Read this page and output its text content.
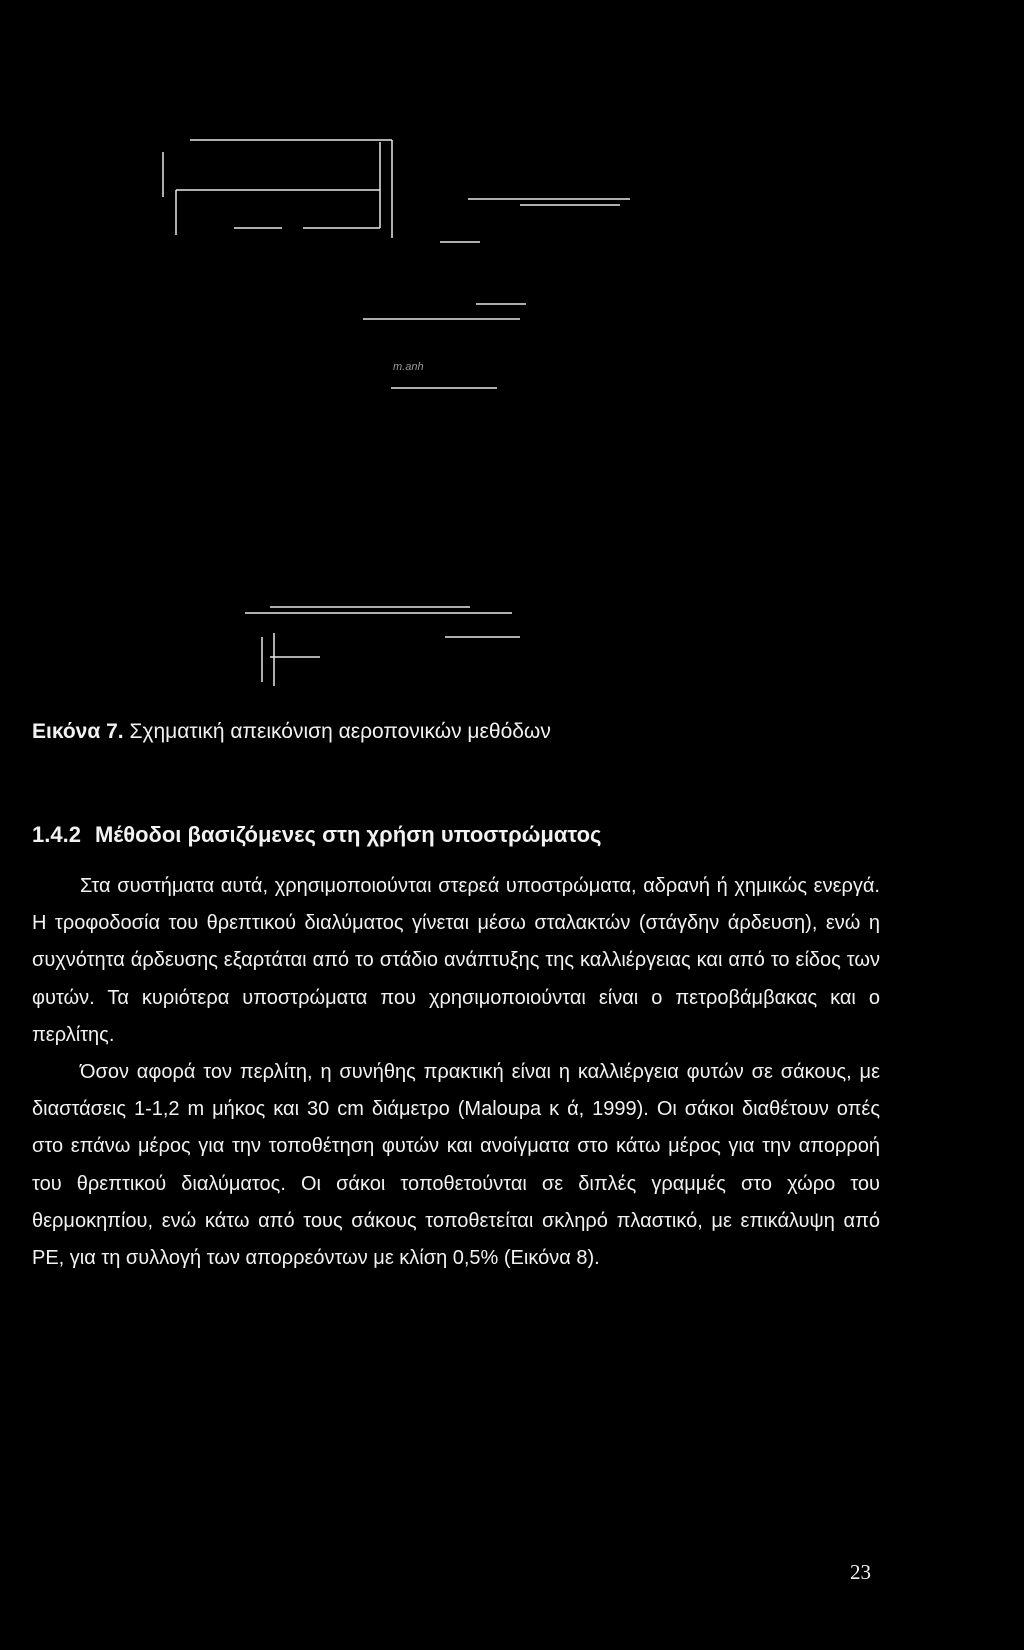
m.anh
Εικόνα 7. Σχηματική απεικόνιση αεροπονικών μεθόδων
1.4.2 Μέθοδοι βασιζόμενες στη χρήση υποστρώματος

Στα συστήματα αυτά, χρησιμοποιούνται στερεά υποστρώματα, αδρανή ή χημικώς ενεργά. Η τροφοδοσία του θρεπτικού διαλύματος γίνεται μέσω σταλακτών (στάγδην άρδευση), ενώ η συχνότητα άρδευσης εξαρτάται από το στάδιο ανάπτυξης της καλλιέργειας και από το είδος των φυτών. Τα κυριότερα υποστρώματα που χρησιμοποιούνται είναι ο πετροβάμβακας και ο περλίτης.

Όσον αφορά τον περλίτη, η συνήθης πρακτική είναι η καλλιέργεια φυτών σε σάκους, με διαστάσεις 1-1,2 m μήκος και 30 cm διάμετρο (Maloupa κ ά, 1999). Οι σάκοι διαθέτουν οπές στο επάνω μέρος για την τοποθέτηση φυτών και ανοίγματα στο κάτω μέρος για την απορροή του θρεπτικού διαλύματος. Οι σάκοι τοποθετούνται σε διπλές γραμμές στο χώρο του θερμοκηπίου, ενώ κάτω από τους σάκους τοποθετείται σκληρό πλαστικό, με επικάλυψη από PE, για τη συλλογή των απορρεόντων με κλίση 0,5% (Εικόνα 8).

23
